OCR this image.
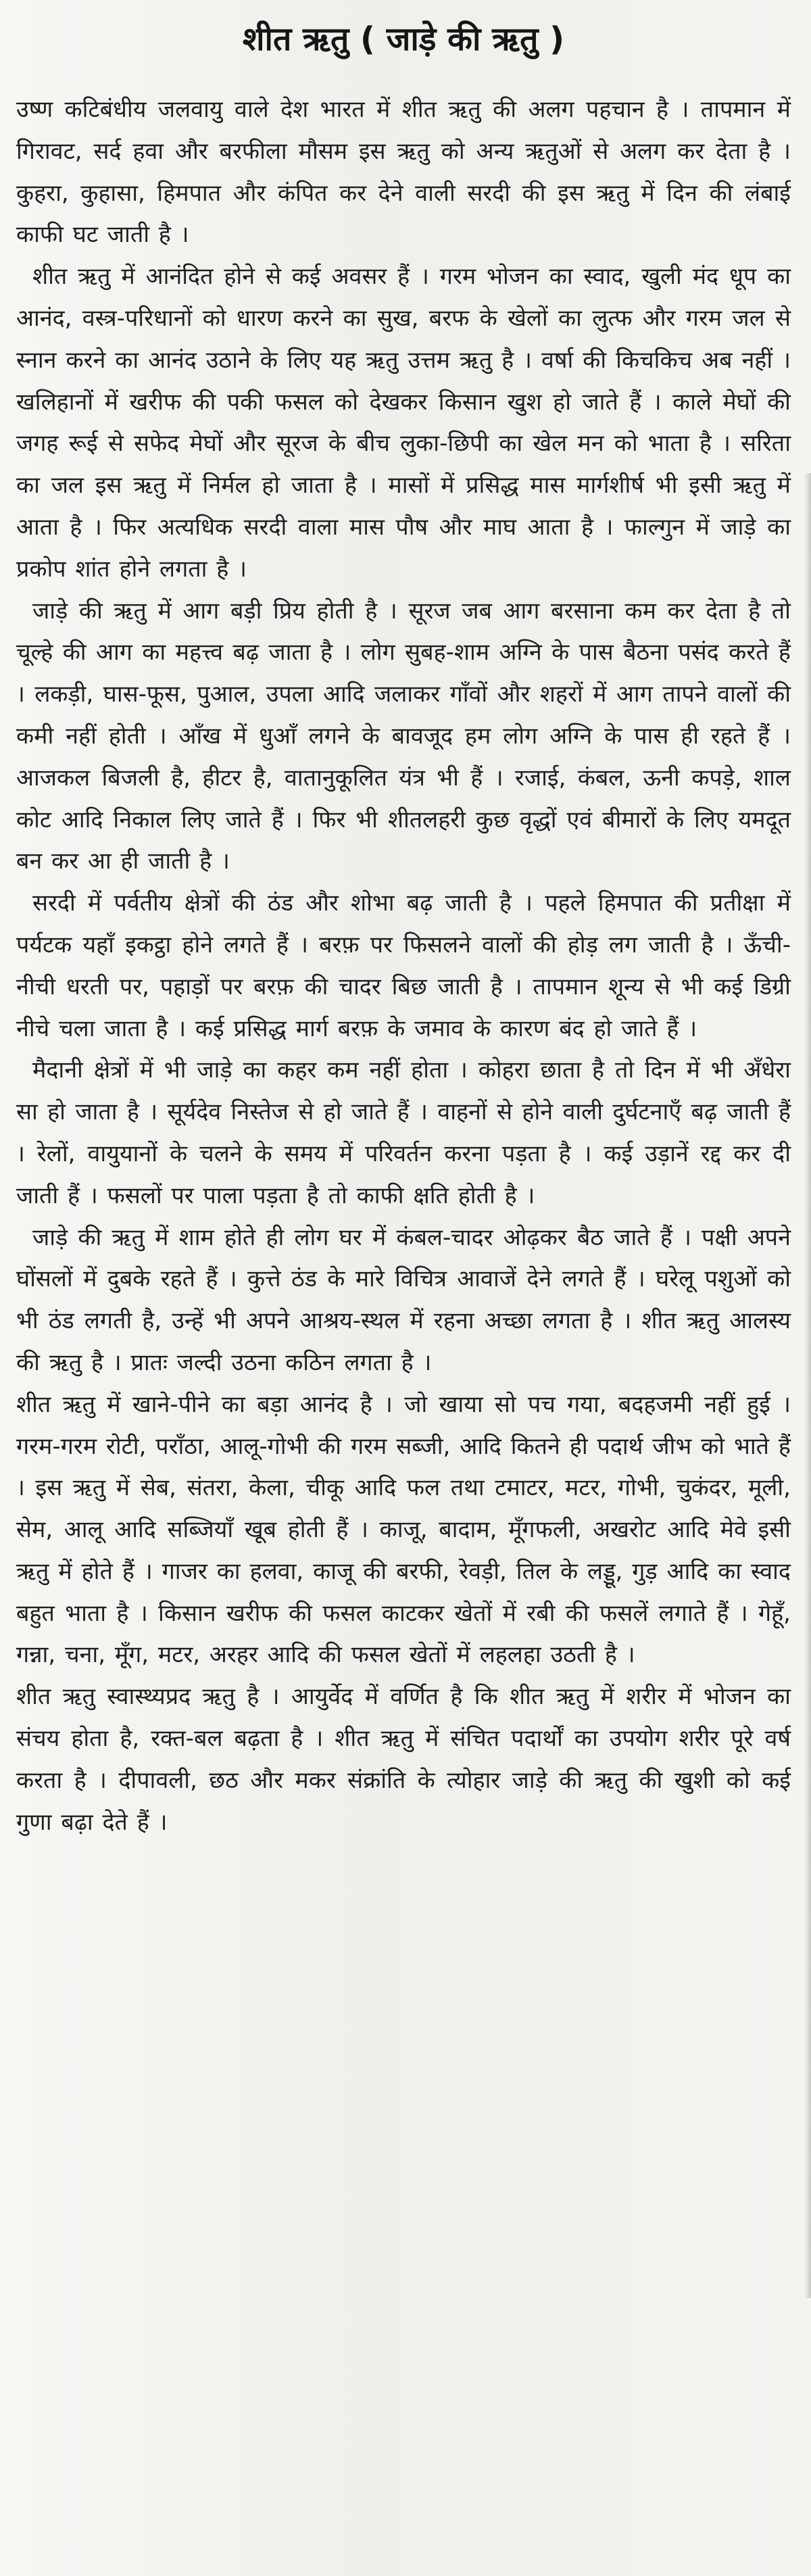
शीत ऋतु ( जाड़े की ऋतु )

उष्ण कटिबंधीय जलवायु वाले देश भारत में शीत ऋतु की अलग पहचान है । तापमान में गिरावट, सर्द हवा और बरफीला मौसम इस ऋतु को अन्य ऋतुओं से अलग कर देता है । कुहरा, कुहासा, हिमपात और कंपित कर देने वाली सरदी की इस ऋतु में दिन की लंबाई काफी घट जाती है ।

शीत ऋतु में आनंदित होने से कई अवसर हैं । गरम भोजन का स्वाद, खुली मंद धूप का आनंद, वस्त्र-परिधानों को धारण करने का सुख, बरफ के खेलों का लुत्फ और गरम जल से स्नान करने का आनंद उठाने के लिए यह ऋतु उत्तम ऋतु है । वर्षा की किचकिच अब नहीं । खलिहानों में खरीफ की पकी फसल को देखकर किसान खुश हो जाते हैं । काले मेघों की जगह रूई से सफेद मेघों और सूरज के बीच लुका-छिपी का खेल मन को भाता है । सरिता का जल इस ऋतु में निर्मल हो जाता है । मासों में प्रसिद्ध मास मार्गशीर्ष भी इसी ऋतु में आता है । फिर अत्यधिक सरदी वाला मास पौष और माघ आता है । फाल्गुन में जाड़े का प्रकोप शांत होने लगता है ।

जाड़े की ऋतु में आग बड़ी प्रिय होती है । सूरज जब आग बरसाना कम कर देता है तो चूल्हे की आग का महत्त्व बढ़ जाता है । लोग सुबह-शाम अग्नि के पास बैठना पसंद करते हैं । लकड़ी, घास-फूस, पुआल, उपला आदि जलाकर गाँवों और शहरों में आग तापने वालों की कमी नहीं होती । आँख में धुआँ लगने के बावजूद हम लोग अग्नि के पास ही रहते हैं । आजकल बिजली है, हीटर है, वातानुकूलित यंत्र भी हैं । रजाई, कंबल, ऊनी कपड़े, शाल कोट आदि निकाल लिए जाते हैं । फिर भी शीतलहरी कुछ वृद्धों एवं बीमारों के लिए यमदूत बन कर आ ही जाती है ।

सरदी में पर्वतीय क्षेत्रों की ठंड और शोभा बढ़ जाती है । पहले हिमपात की प्रतीक्षा में पर्यटक यहाँ इकट्ठा होने लगते हैं । बरफ़ पर फिसलने वालों की होड़ लग जाती है । ऊँची-नीची धरती पर, पहाड़ों पर बरफ़ की चादर बिछ जाती है । तापमान शून्य से भी कई डिग्री नीचे चला जाता है । कई प्रसिद्ध मार्ग बरफ़ के जमाव के कारण बंद हो जाते हैं ।

मैदानी क्षेत्रों में भी जाड़े का कहर कम नहीं होता । कोहरा छाता है तो दिन में भी अँधेरा सा हो जाता है । सूर्यदेव निस्तेज से हो जाते हैं । वाहनों से होने वाली दुर्घटनाएँ बढ़ जाती हैं । रेलों, वायुयानों के चलने के समय में परिवर्तन करना पड़ता है । कई उड़ानें रद्द कर दी जाती हैं । फसलों पर पाला पड़ता है तो काफी क्षति होती है ।

जाड़े की ऋतु में शाम होते ही लोग घर में कंबल-चादर ओढ़कर बैठ जाते हैं । पक्षी अपने घोंसलों में दुबके रहते हैं । कुत्ते ठंड के मारे विचित्र आवाजें देने लगते हैं । घरेलू पशुओं को भी ठंड लगती है, उन्हें भी अपने आश्रय-स्थल में रहना अच्छा लगता है । शीत ऋतु आलस्य की ऋतु है । प्रातः जल्दी उठना कठिन लगता है ।

शीत ऋतु में खाने-पीने का बड़ा आनंद है । जो खाया सो पच गया, बदहजमी नहीं हुई । गरम-गरम रोटी, पराँठा, आलू-गोभी की गरम सब्जी, आदि कितने ही पदार्थ जीभ को भाते हैं । इस ऋतु में सेब, संतरा, केला, चीकू आदि फल तथा टमाटर, मटर, गोभी, चुकंदर, मूली, सेम, आलू आदि सब्जियाँ खूब होती हैं । काजू, बादाम, मूँगफली, अखरोट आदि मेवे इसी ऋतु में होते हैं । गाजर का हलवा, काजू की बरफी, रेवड़ी, तिल के लड्डू, गुड़ आदि का स्वाद बहुत भाता है । किसान खरीफ की फसल काटकर खेतों में रबी की फसलें लगाते हैं । गेहूँ, गन्ना, चना, मूँग, मटर, अरहर आदि की फसल खेतों में लहलहा उठती है ।

शीत ऋतु स्वास्थ्यप्रद ऋतु है । आयुर्वेद में वर्णित है कि शीत ऋतु में शरीर में भोजन का संचय होता है, रक्त-बल बढ़ता है । शीत ऋतु में संचित पदार्थों का उपयोग शरीर पूरे वर्ष करता है । दीपावली, छठ और मकर संक्रांति के त्योहार जाड़े की ऋतु की खुशी को कई गुणा बढ़ा देते हैं ।
